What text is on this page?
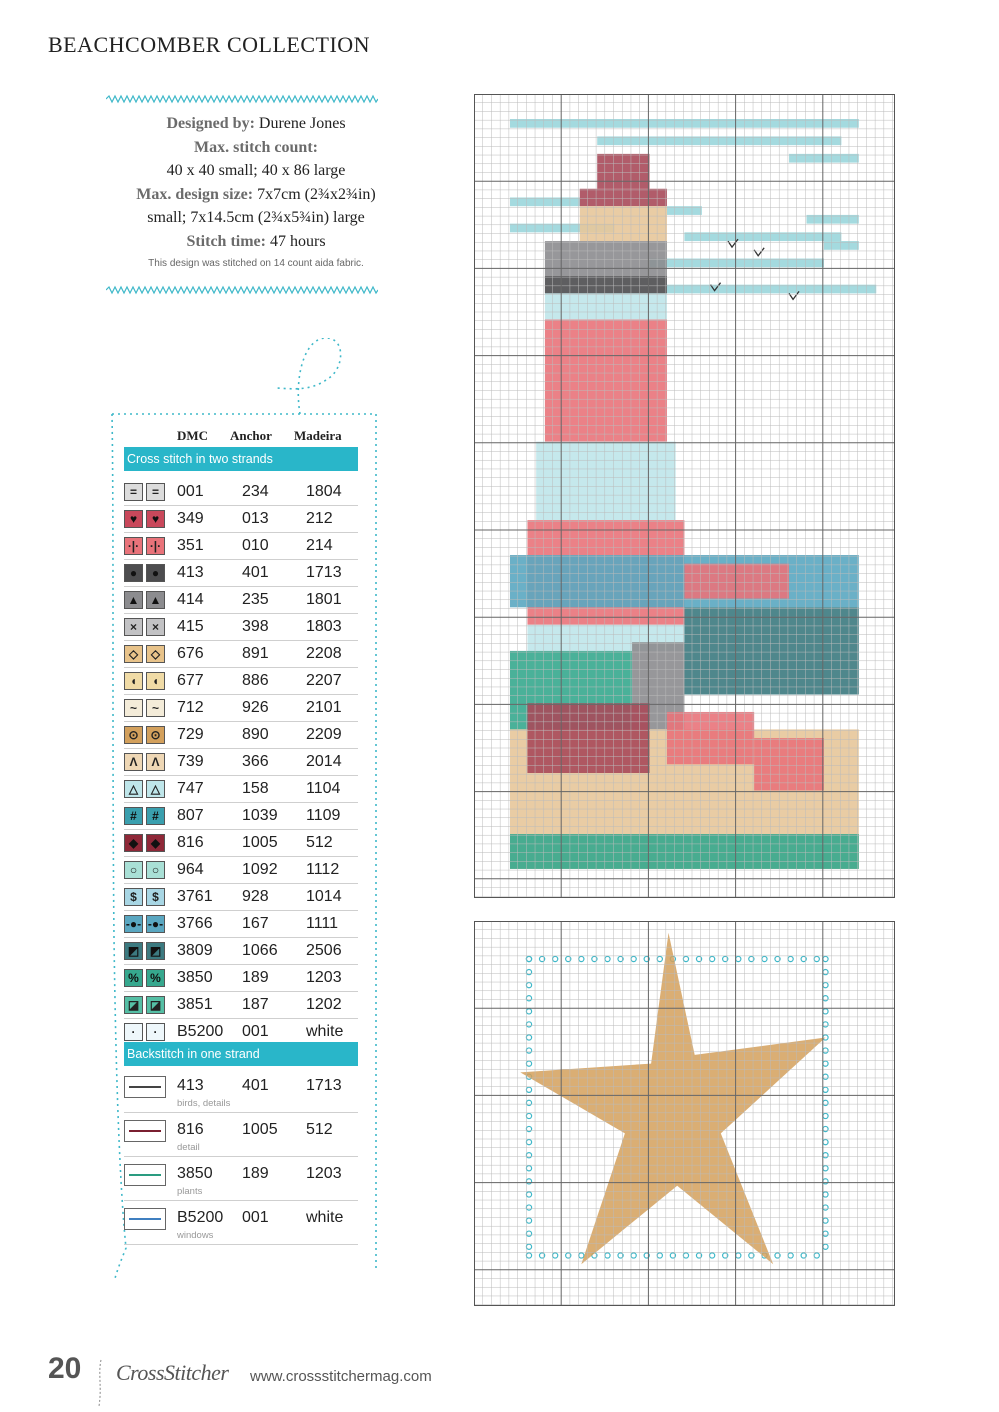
BEACHCOMBER COLLECTION
Designed by: Durene Jones
Max. stitch count:
40 x 40 small; 40 x 86 large
Max. design size: 7x7cm (2¾x2¾in)
small; 7x14.5cm (2¾x5¾in) large
Stitch time: 47 hours
This design was stitched on 14 count aida fabric.
DMC Anchor Madeira
Cross stitch in two strands
=	=	001 234 1804
♥	♥	349 013 212
·|· ·|· 351 010 214
●	●	413 401 1713
▲ ▲ 414 235 1801
×	×	415 398 1803
◇	◇	676 891 2208
◖	◖	677 886 2207
~	~	712 926 2101
⊙ ⊙ 729 890 2209
Λ	Λ	739 366 2014
△	△	747 158 1104
#	#	807 1039 1109
◆	◆	816 1005 512
○	○	964 1092 1112
$	$	3761 928 1014
-●- -●- 3766 167 1111
◩ ◩ 3809 1066 2506
% % 3850 189 1203
◪ ◪ 3851 187 1202
·	·	B5200 001 white
Backstitch in one strand
413 401 1713
birds, details
816 1005 512
detail
3850 189 1203
plants
B5200 001 white
windows
20 CrossStitcher www.crossstitchermag.com
